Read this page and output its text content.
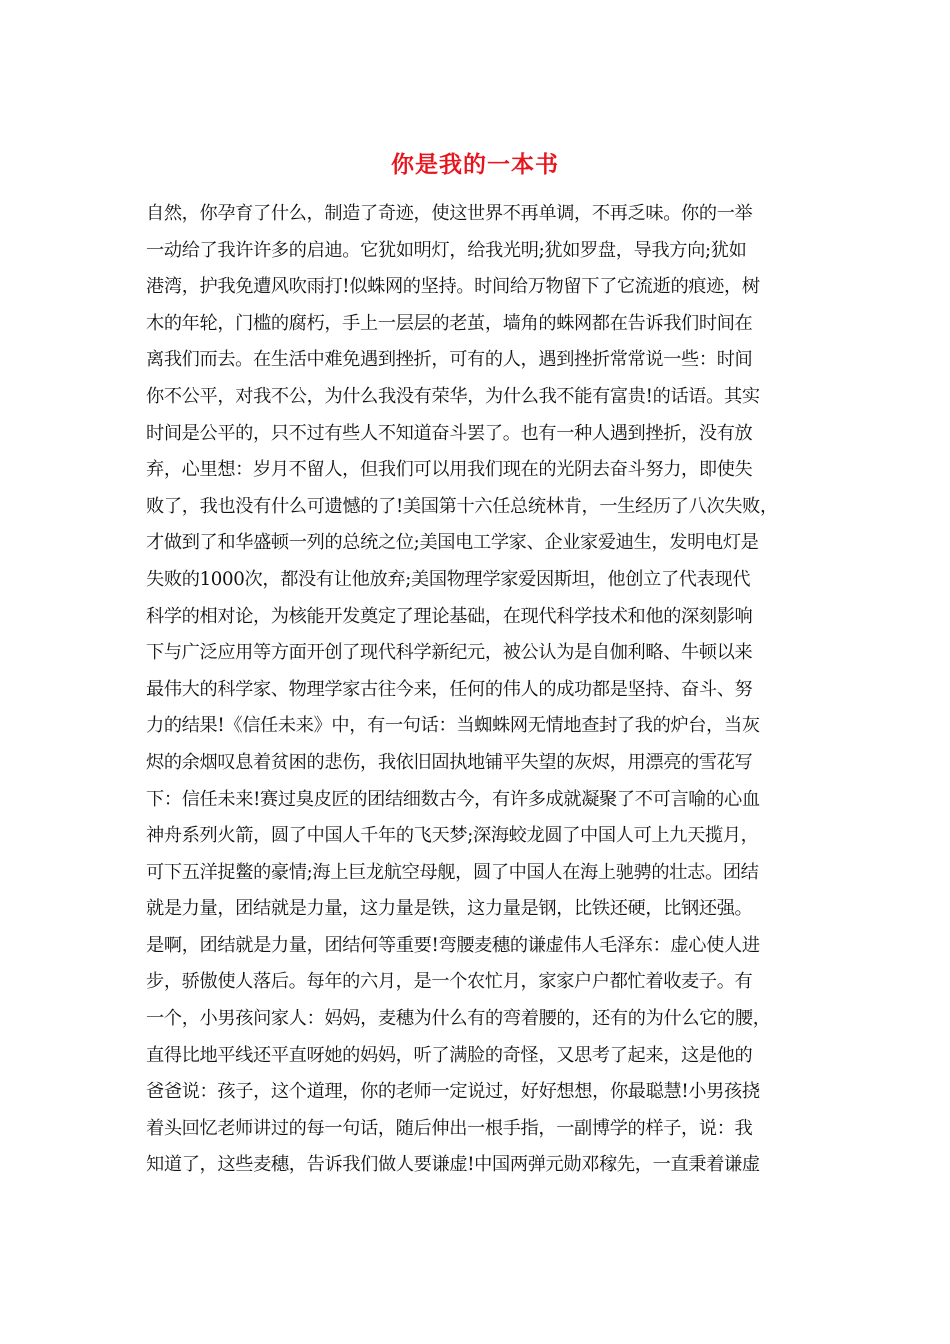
你是我的一本书
自然，你孕育了什么，制造了奇迹，使这世界不再单调，不再乏味。你的一举
一动给了我许许多的启迪。它犹如明灯，给我光明;犹如罗盘，导我方向;犹如
港湾，护我免遭风吹雨打!似蛛网的坚持。时间给万物留下了它流逝的痕迹，树
木的年轮，门槛的腐朽，手上一层层的老茧，墙角的蛛网都在告诉我们时间在
离我们而去。在生活中难免遇到挫折，可有的人，遇到挫折常常说一些：时间
你不公平，对我不公，为什么我没有荣华，为什么我不能有富贵!的话语。其实
时间是公平的，只不过有些人不知道奋斗罢了。也有一种人遇到挫折，没有放
弃，心里想：岁月不留人，但我们可以用我们现在的光阴去奋斗努力，即使失
败了，我也没有什么可遗憾的了!美国第十六任总统林肯，一生经历了八次失败，
才做到了和华盛顿一列的总统之位;美国电工学家、企业家爱迪生，发明电灯是
失败的1000次，都没有让他放弃;美国物理学家爱因斯坦，他创立了代表现代
科学的相对论，为核能开发奠定了理论基础，在现代科学技术和他的深刻影响
下与广泛应用等方面开创了现代科学新纪元，被公认为是自伽利略、牛顿以来
最伟大的科学家、物理学家古往今来，任何的伟人的成功都是坚持、奋斗、努
力的结果!《信任未来》中，有一句话：当蜘蛛网无情地查封了我的炉台，当灰
烬的余烟叹息着贫困的悲伤，我依旧固执地铺平失望的灰烬，用漂亮的雪花写
下：信任未来!赛过臭皮匠的团结细数古今，有许多成就凝聚了不可言喻的心血
神舟系列火箭，圆了中国人千年的飞天梦;深海蛟龙圆了中国人可上九天揽月，
可下五洋捉鳖的豪情;海上巨龙航空母舰，圆了中国人在海上驰骋的壮志。团结
就是力量，团结就是力量，这力量是铁，这力量是钢，比铁还硬，比钢还强。
是啊，团结就是力量，团结何等重要!弯腰麦穗的谦虚伟人毛泽东：虚心使人进
步，骄傲使人落后。每年的六月，是一个农忙月，家家户户都忙着收麦子。有
一个，小男孩问家人：妈妈，麦穗为什么有的弯着腰的，还有的为什么它的腰，
直得比地平线还平直呀她的妈妈，听了满脸的奇怪，又思考了起来，这是他的
爸爸说：孩子，这个道理，你的老师一定说过，好好想想，你最聪慧!小男孩挠
着头回忆老师讲过的每一句话，随后伸出一根手指，一副博学的样子，说：我
知道了，这些麦穗，告诉我们做人要谦虚!中国两弹元勋邓稼先，一直秉着谦虚
